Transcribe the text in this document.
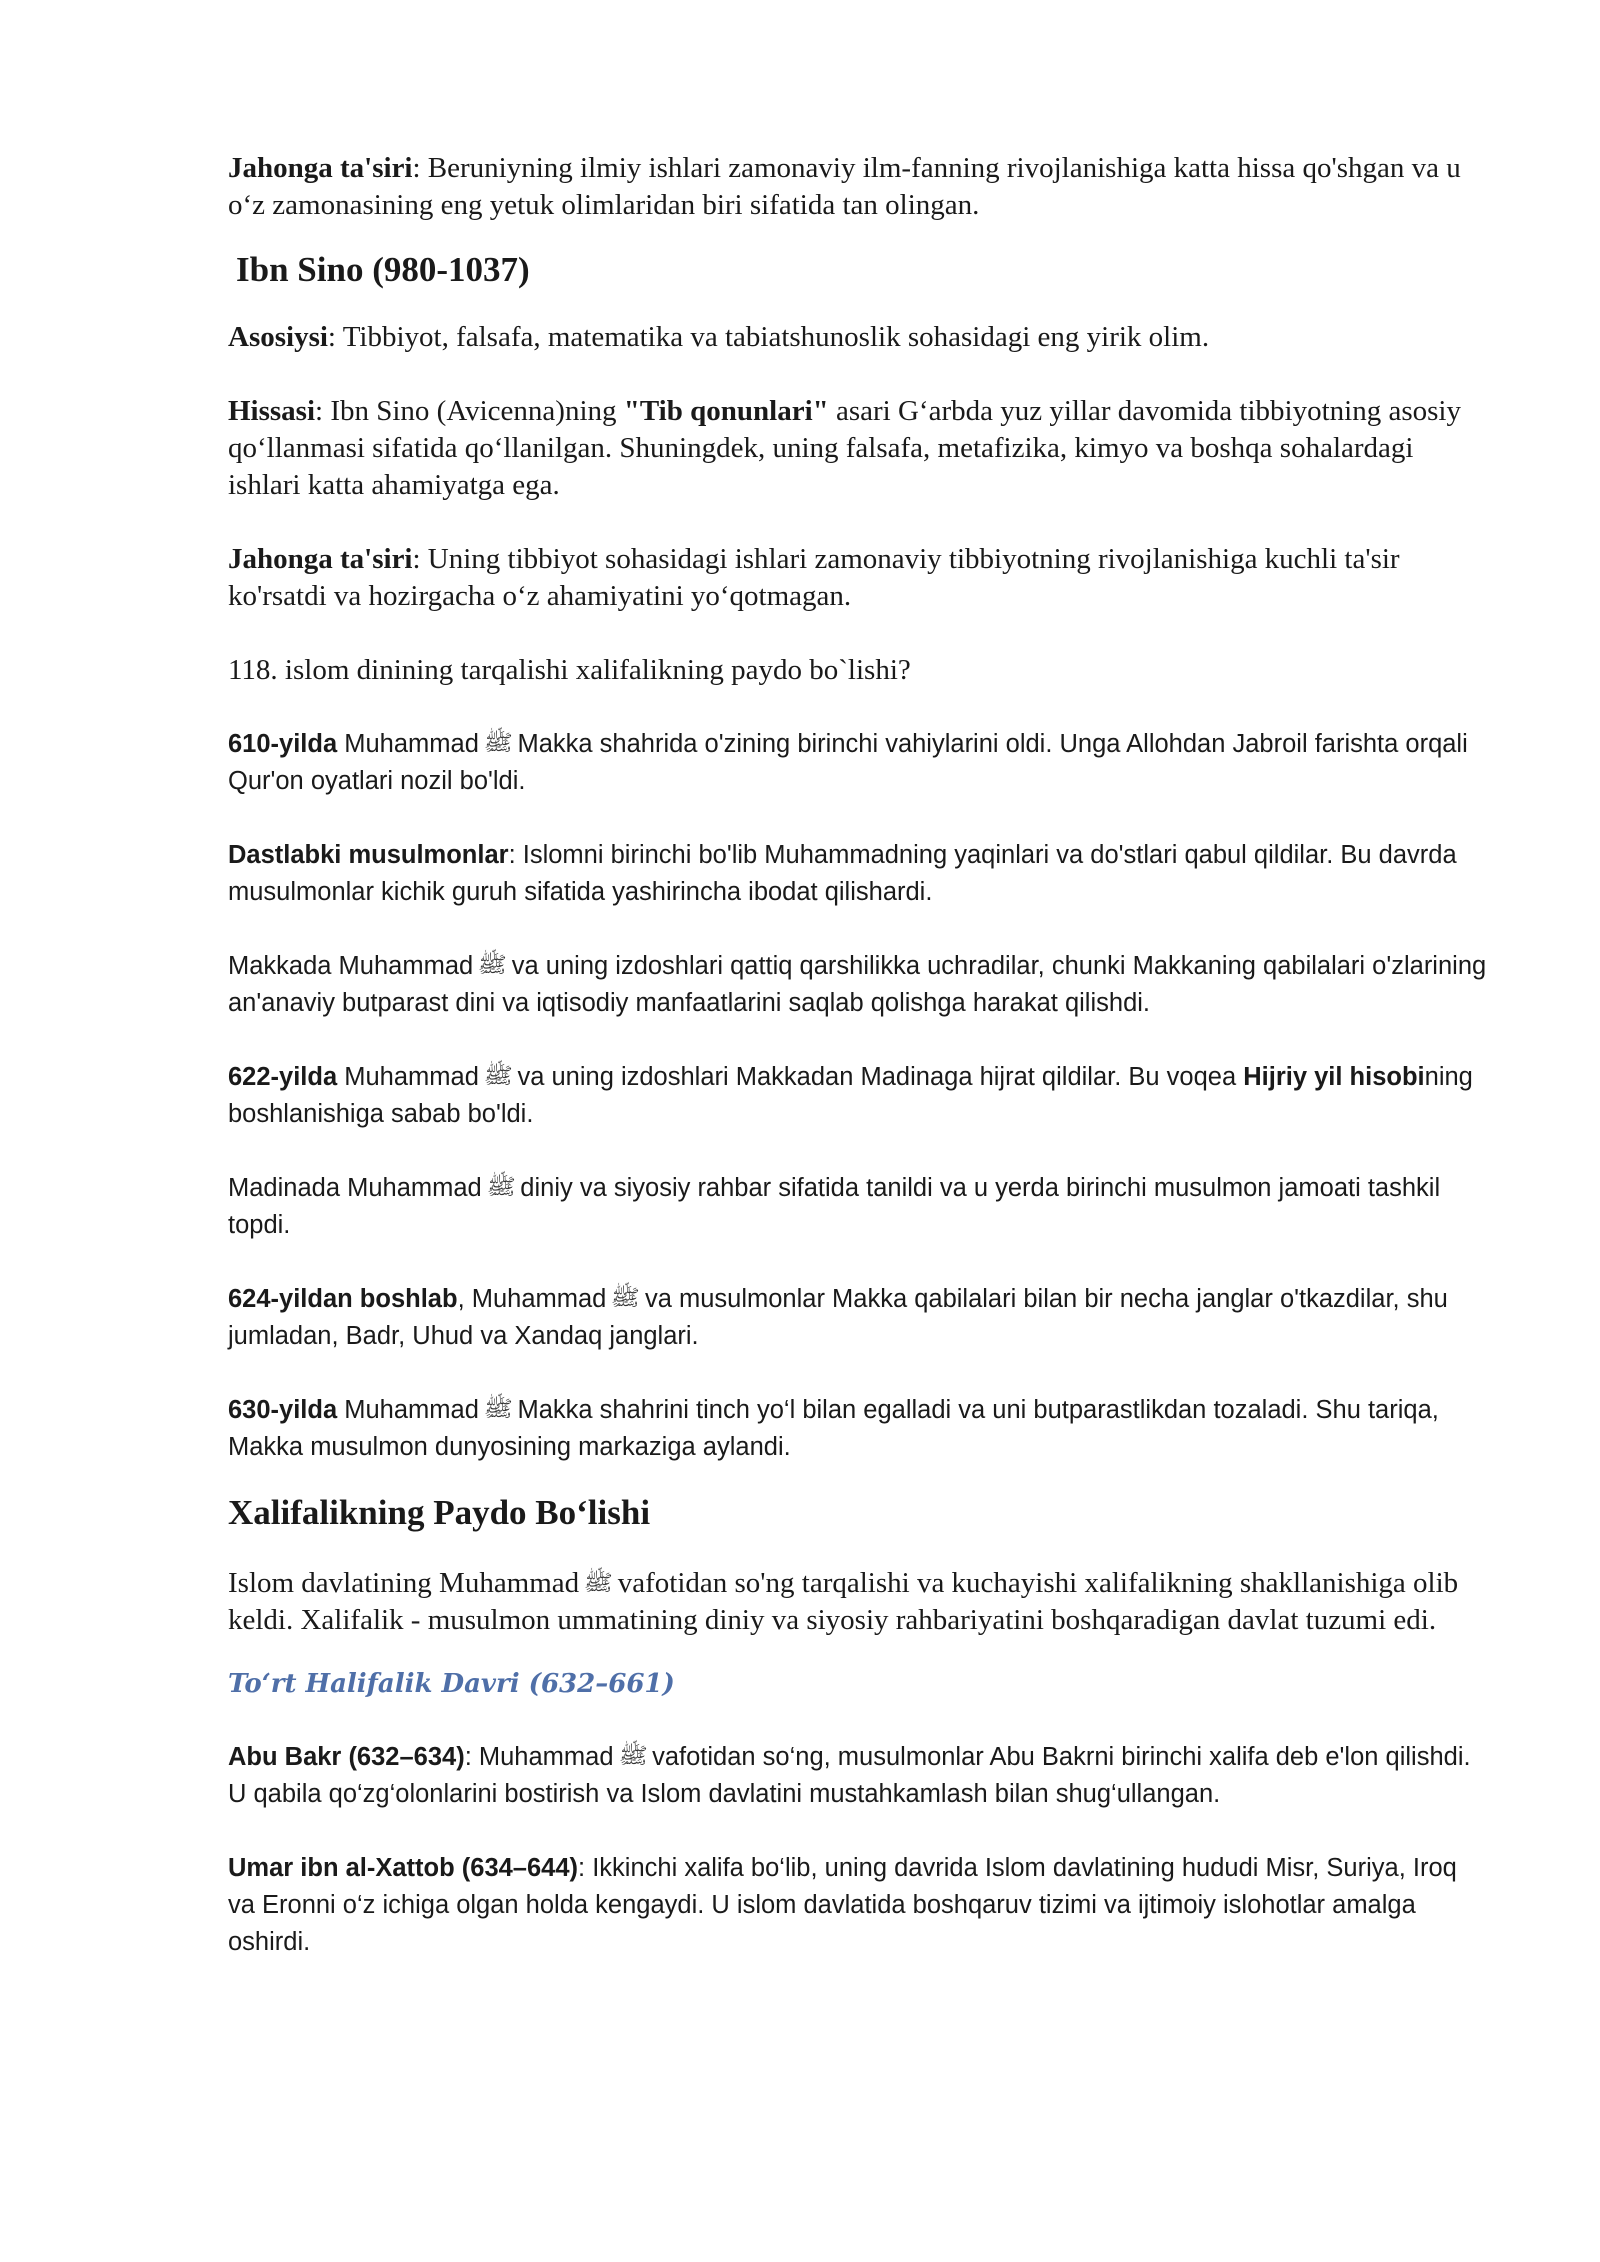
Jahonga ta'siri: Beruniyning ilmiy ishlari zamonaviy ilm-fanning rivojlanishiga katta hissa qo'shgan va u o‘z zamonasining eng yetuk olimlaridan biri sifatida tan olingan.

Ibn Sino (980-1037)

Asosiysi: Tibbiyot, falsafa, matematika va tabiatshunoslik sohasidagi eng yirik olim.

Hissasi: Ibn Sino (Avicenna)ning "Tib qonunlari" asari G‘arbda yuz yillar davomida tibbiyotning asosiy qo‘llanmasi sifatida qo‘llanilgan. Shuningdek, uning falsafa, metafizika, kimyo va boshqa sohalardagi ishlari katta ahamiyatga ega.

Jahonga ta'siri: Uning tibbiyot sohasidagi ishlari zamonaviy tibbiyotning rivojlanishiga kuchli ta'sir ko'rsatdi va hozirgacha o‘z ahamiyatini yo‘qotmagan.

118. islom dinining tarqalishi xalifalikning paydo bo`lishi?

610-yilda Muhammad ﷺ Makka shahrida o'zining birinchi vahiylarini oldi. Unga Allohdan Jabroil farishta orqali Qur'on oyatlari nozil bo'ldi.

Dastlabki musulmonlar: Islomni birinchi bo'lib Muhammadning yaqinlari va do'stlari qabul qildilar. Bu davrda musulmonlar kichik guruh sifatida yashirincha ibodat qilishardi.

Makkada Muhammad ﷺ va uning izdoshlari qattiq qarshilikka uchradilar, chunki Makkaning qabilalari o'zlarining an'anaviy butparast dini va iqtisodiy manfaatlarini saqlab qolishga harakat qilishdi.

622-yilda Muhammad ﷺ va uning izdoshlari Makkadan Madinaga hijrat qildilar. Bu voqea Hijriy yil hisobining boshlanishiga sabab bo'ldi.

Madinada Muhammad ﷺ diniy va siyosiy rahbar sifatida tanildi va u yerda birinchi musulmon jamoati tashkil topdi.

624-yildan boshlab, Muhammad ﷺ va musulmonlar Makka qabilalari bilan bir necha janglar o'tkazdilar, shu jumladan, Badr, Uhud va Xandaq janglari.

630-yilda Muhammad ﷺ Makka shahrini tinch yo‘l bilan egalladi va uni butparastlikdan tozaladi. Shu tariqa, Makka musulmon dunyosining markaziga aylandi.

Xalifalikning Paydo Bo‘lishi

Islom davlatining Muhammad ﷺ vafotidan so'ng tarqalishi va kuchayishi xalifalikning shakllanishiga olib keldi. Xalifalik - musulmon ummatining diniy va siyosiy rahbariyatini boshqaradigan davlat tuzumi edi.

To‘rt Halifalik Davri (632–661)

Abu Bakr (632–634): Muhammad ﷺ vafotidan so‘ng, musulmonlar Abu Bakrni birinchi xalifa deb e'lon qilishdi. U qabila qo‘zg‘olonlarini bostirish va Islom davlatini mustahkamlash bilan shug‘ullangan.

Umar ibn al-Xattob (634–644): Ikkinchi xalifa bo‘lib, uning davrida Islom davlatining hududi Misr, Suriya, Iroq va Eronni o‘z ichiga olgan holda kengaydi. U islom davlatida boshqaruv tizimi va ijtimoiy islohotlar amalga oshirdi.
